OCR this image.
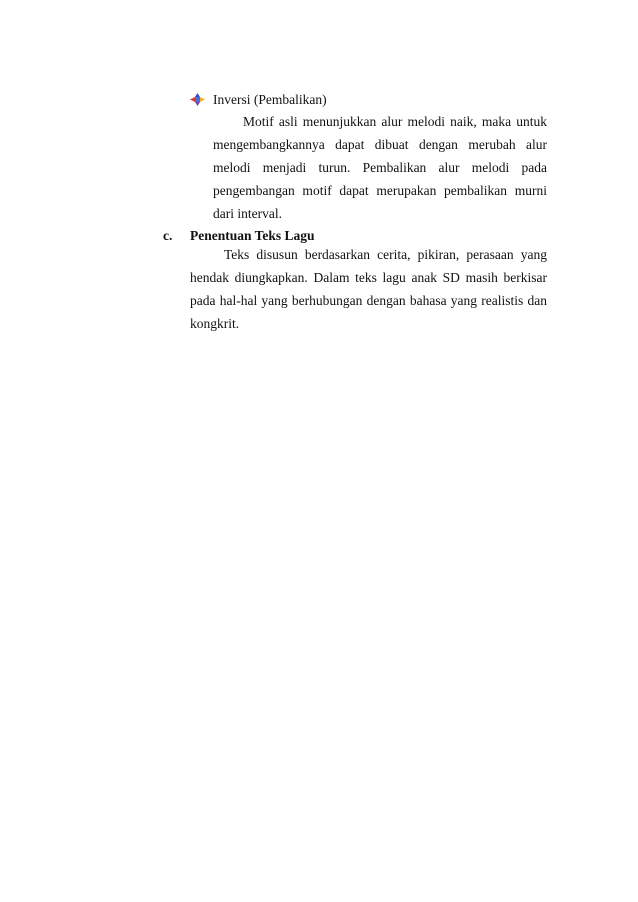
Inversi (Pembalikan)

Motif asli menunjukkan alur melodi naik, maka untuk mengembangkannya dapat dibuat dengan merubah alur melodi menjadi turun. Pembalikan alur melodi pada pengembangan motif dapat merupakan pembalikan murni dari interval.

c. Penentuan Teks Lagu

Teks disusun berdasarkan cerita, pikiran, perasaan yang hendak diungkapkan. Dalam teks lagu anak SD masih berkisar pada hal-hal yang berhubungan dengan bahasa yang realistis dan kongkrit.
